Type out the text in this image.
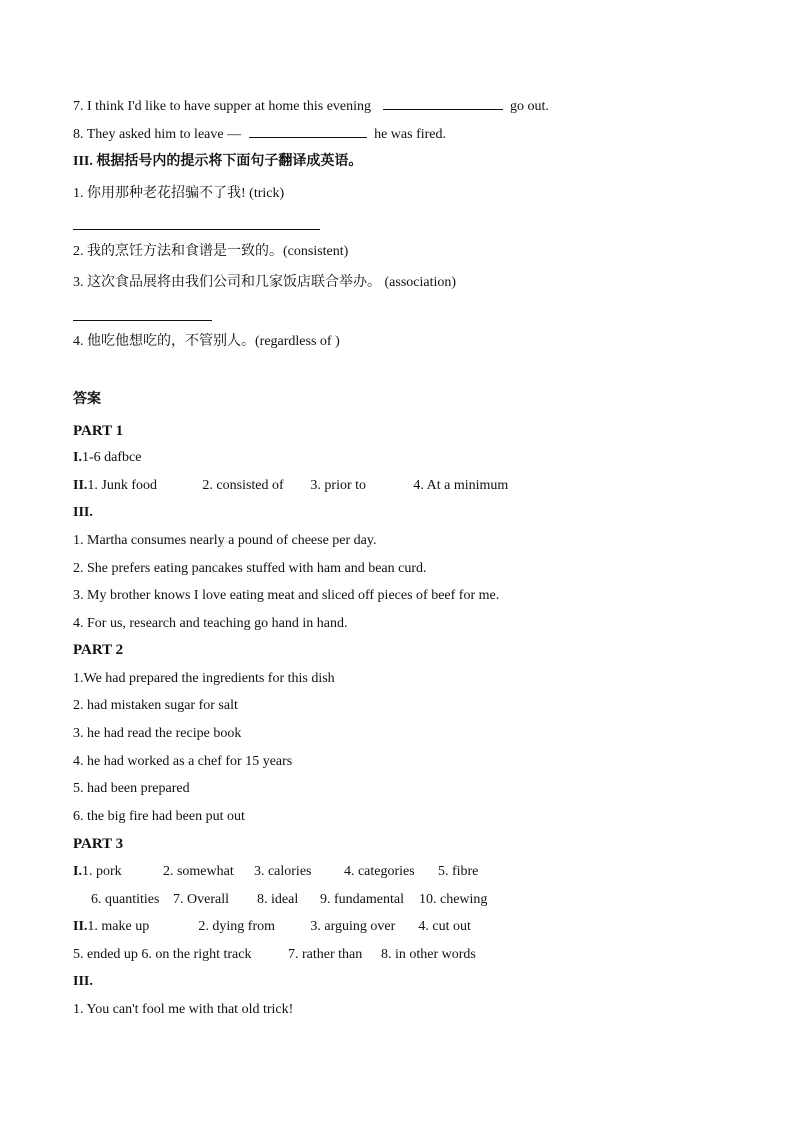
7. I think I'd like to have supper at home this evening	go out.
8. They asked him to leave —	he was fired.
III. 根据括号内的提示将下面句子翻译成英语。
1. 你用那种老花招骗不了我! (trick)
2. 我的烹饪方法和食谱是一致的。(consistent)
3. 这次食品展将由我们公司和几家饭店联合举办。 (association)
4. 他吃他想吃的，不管别人。(regardless of )
答案
PART 1
I.1-6 dafbce
II.1. Junk food	2. consisted of 3. prior to	4. At a minimum
III.
1. Martha consumes nearly a pound of cheese per day.
2. She prefers eating pancakes stuffed with ham and bean curd.
3. My brother knows I love eating meat and sliced off pieces of beef for me.
4. For us, research and teaching go hand in hand.
PART 2
1.We had prepared the ingredients for this dish
2. had mistaken sugar for salt
3. he had read the recipe book
4. he had worked as a chef for 15 years
5. had been prepared
6. the big fire had been put out
PART 3
I.1. pork	2. somewhat 3. calories 4. categories 5. fibre
6. quantities 7. Overall 8. ideal 9. fundamental 10. chewing
II.1. make up	2. dying from	3. arguing over 4. cut out
5. ended up 6. on the right track	7. rather than 8. in other words
III.
1. You can't fool me with that old trick!
